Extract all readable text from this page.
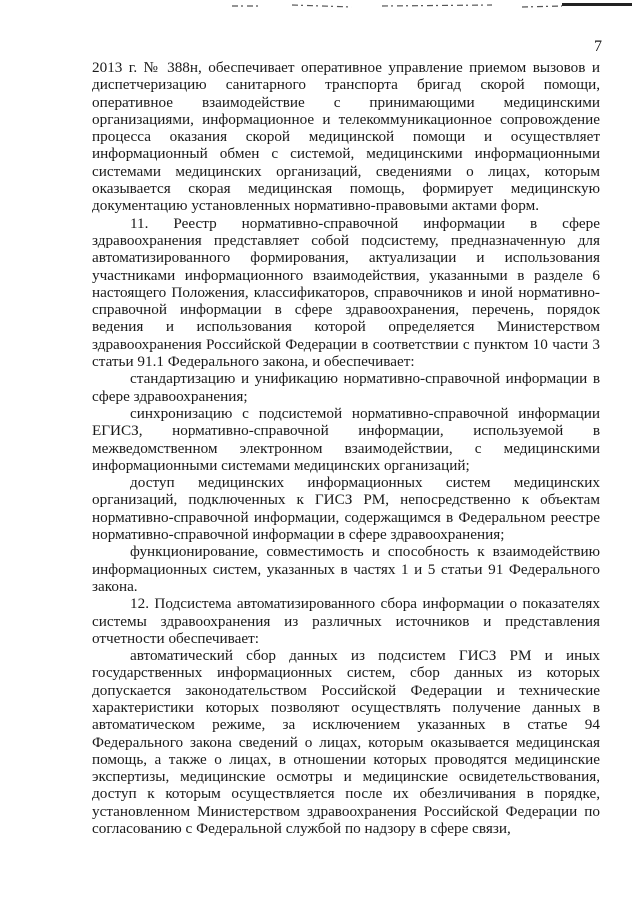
7

2013 г. № 388н, обеспечивает оперативное управление приемом вызовов и диспетчеризацию санитарного транспорта бригад скорой помощи, оперативное взаимодействие с принимающими медицинскими организациями, информационное и телекоммуникационное сопровождение процесса оказания скорой медицинской помощи и осуществляет информационный обмен с системой, медицинскими информационными системами медицинских организаций, сведениями о лицах, которым оказывается скорая медицинская помощь, формирует медицинскую документацию установленных нормативно-правовыми актами форм.

11. Реестр нормативно-справочной информации в сфере здравоохранения представляет собой подсистему, предназначенную для автоматизированного формирования, актуализации и использования участниками информационного взаимодействия, указанными в разделе 6 настоящего Положения, классификаторов, справочников и иной нормативно-справочной информации в сфере здравоохранения, перечень, порядок ведения и использования которой определяется Министерством здравоохранения Российской Федерации в соответствии с пунктом 10 части 3 статьи 91.1 Федерального закона, и обеспечивает:

стандартизацию и унификацию нормативно-справочной информации в сфере здравоохранения;

синхронизацию с подсистемой нормативно-справочной информации ЕГИСЗ, нормативно-справочной информации, используемой в межведомственном электронном взаимодействии, с медицинскими информационными системами медицинских организаций;

доступ медицинских информационных систем медицинских организаций, подключенных к ГИСЗ РМ, непосредственно к объектам нормативно-справочной информации, содержащимся в Федеральном реестре нормативно-справочной информации в сфере здравоохранения;

функционирование, совместимость и способность к взаимодействию информационных систем, указанных в частях 1 и 5 статьи 91 Федерального закона.

12. Подсистема автоматизированного сбора информации о показателях системы здравоохранения из различных источников и представления отчетности обеспечивает:

автоматический сбор данных из подсистем ГИСЗ РМ и иных государственных информационных систем, сбор данных из которых допускается законодательством Российской Федерации и технические характеристики которых позволяют осуществлять получение данных в автоматическом режиме, за исключением указанных в статье 94 Федерального закона сведений о лицах, которым оказывается медицинская помощь, а также о лицах, в отношении которых проводятся медицинские экспертизы, медицинские осмотры и медицинские освидетельствования, доступ к которым осуществляется после их обезличивания в порядке, установленном Министерством здравоохранения Российской Федерации по согласованию с Федеральной службой по надзору в сфере связи,
